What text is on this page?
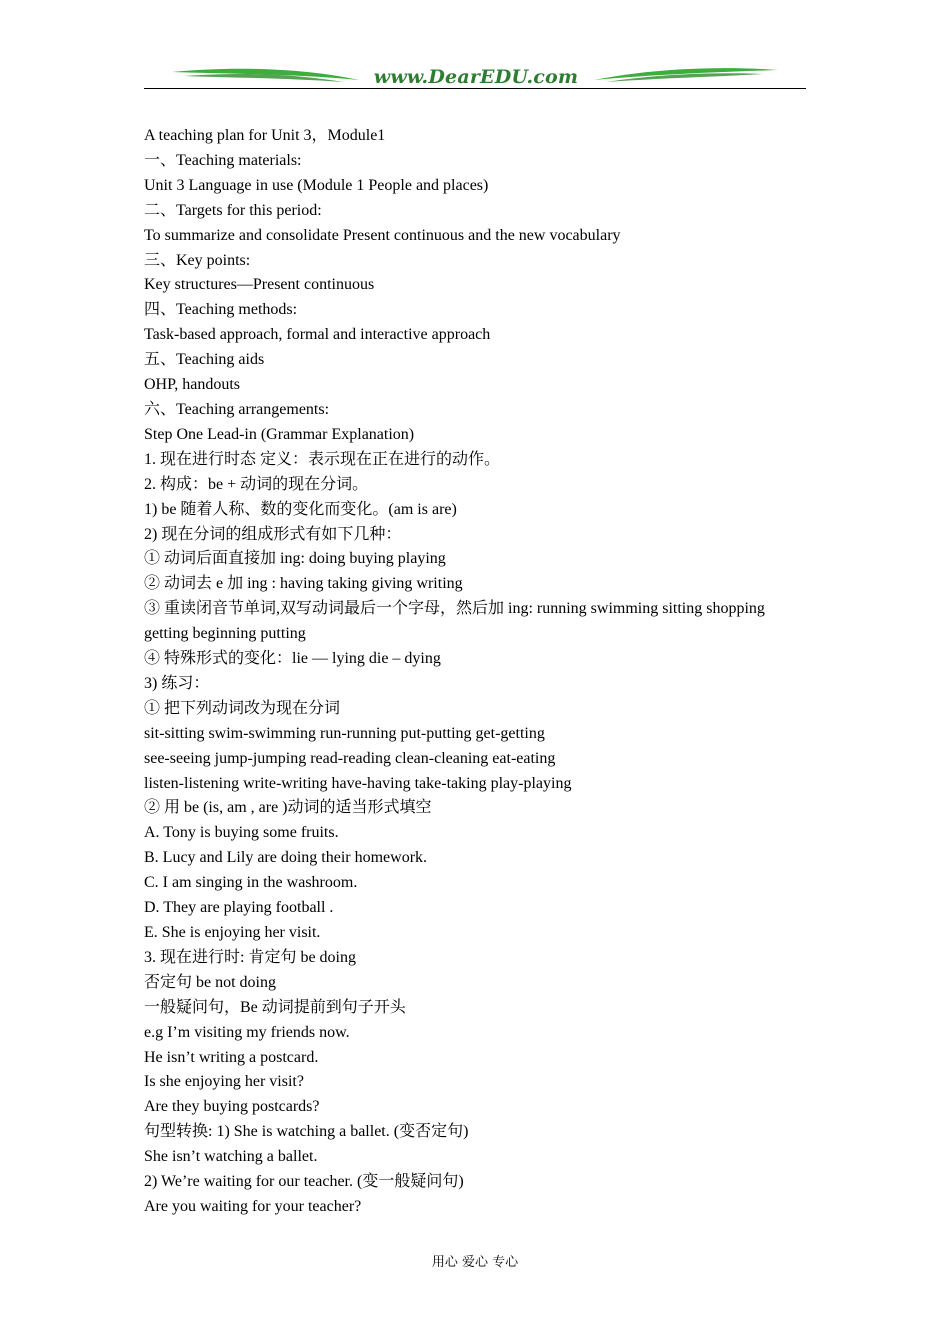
www.DearEDU.com
A teaching plan for Unit 3，Module1
一、Teaching materials:
Unit 3 Language in use (Module 1 People and places)
二、Targets for this period:
To summarize and consolidate Present continuous and the new vocabulary
三、Key points:
Key structures—Present continuous
四、Teaching methods:
Task-based approach, formal and interactive approach
五、Teaching aids
OHP, handouts
六、Teaching arrangements:
Step One Lead-in (Grammar Explanation)
1. 现在进行时态 定义：表示现在正在进行的动作。
2. 构成：be + 动词的现在分词。
1) be 随着人称、数的变化而变化。(am is are)
2) 现在分词的组成形式有如下几种：
① 动词后面直接加 ing: doing buying playing
② 动词去 e 加 ing : having taking giving writing
③ 重读闭音节单词,双写动词最后一个字母，然后加 ing: running swimming sitting shopping getting beginning putting
④ 特殊形式的变化：lie — lying die – dying
3) 练习：
① 把下列动词改为现在分词
sit-sitting swim-swimming run-running put-putting get-getting
see-seeing jump-jumping read-reading clean-cleaning eat-eating
listen-listening write-writing have-having take-taking play-playing
② 用 be (is, am , are )动词的适当形式填空
A. Tony is buying some fruits.
B. Lucy and Lily are doing their homework.
C. I am singing in the washroom.
D. They are playing football .
E. She is enjoying her visit.
3. 现在进行时: 肯定句 be doing
否定句 be not doing
一般疑问句，Be 动词提前到句子开头
e.g I’m visiting my friends now.
He isn’t writing a postcard.
Is she enjoying her visit?
Are they buying postcards?
句型转换: 1) She is watching a ballet. (变否定句)
She isn’t watching a ballet.
2) We’re waiting for our teacher. (变一般疑问句)
Are you waiting for your teacher?
用心 爱心 专心
